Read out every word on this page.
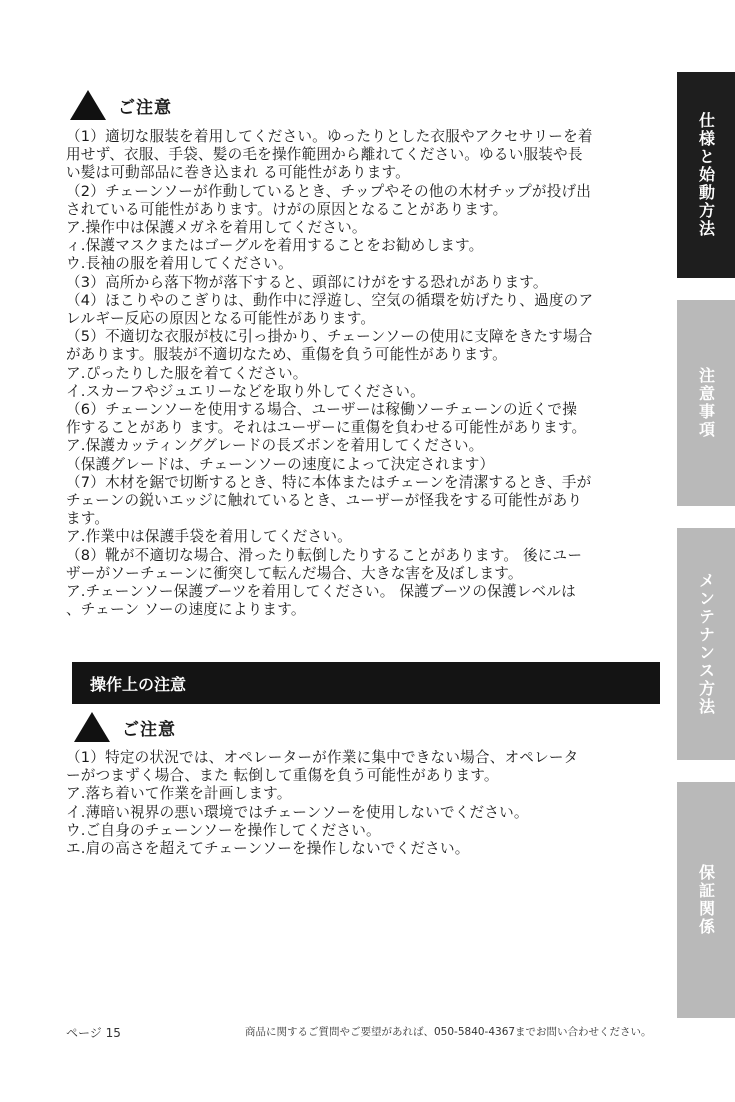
ご注意

（1）適切な服装を着用してください。ゆったりとした衣服やアクセサリーを着

用せず、衣服、手袋、髪の毛を操作範囲から離れてください。ゆるい服装や長

い髪は可動部品に巻き込まれ る可能性があります。

（2）チェーンソーが作動しているとき、チップやその他の木材チップが投げ出

されている可能性があります。けがの原因となることがあります。

ア.操作中は保護メガネを着用してください。

ィ.保護マスクまたはゴーグルを着用することをお勧めします。

ウ.長袖の服を着用してください。

（3）高所から落下物が落下すると、頭部にけがをする恐れがあります。

（4）ほこりやのこぎりは、動作中に浮遊し、空気の循環を妨げたり、過度のア

レルギー反応の原因となる可能性があります。

（5）不適切な衣服が枝に引っ掛かり、チェーンソーの使用に支障をきたす場合

があります。服装が不適切なため、重傷を負う可能性があります。

ア.ぴったりした服を着てください。

イ.スカーフやジュエリーなどを取り外してください。

（6）チェーンソーを使用する場合、ユーザーは稼働ソーチェーンの近くで操

作することがあり ます。それはユーザーに重傷を負わせる可能性があります。

ア.保護カッティンググレードの長ズボンを着用してください。

（保護グレードは、チェーンソーの速度によって決定されます）

（7）木材を鋸で切断するとき、特に本体またはチェーンを清潔するとき、手が

チェーンの鋭いエッジに触れているとき、ユーザーが怪我をする可能性があり

ます。

ア.作業中は保護手袋を着用してください。

（8）靴が不適切な場合、滑ったり転倒したりすることがあります。 後にユー

ザーがソーチェーンに衝突して転んだ場合、大きな害を及ぼします。

ア.チェーンソー保護ブーツを着用してください。 保護ブーツの保護レベルは

、チェーン ソーの速度によります。

操作上の注意
ご注意

（1）特定の状況では、オペレーターが作業に集中できない場合、オペレータ

ーがつまずく場合、また 転倒して重傷を負う可能性があります。

ア.落ち着いて作業を計画します。

イ.薄暗い視界の悪い環境ではチェーンソーを使用しないでください。

ウ.ご自身のチェーンソーを操作してください。

エ.肩の高さを超えてチェーンソーを操作しないでください。

仕様と始動方法
注意事項
メンテナンス方法
保証関係
ページ 15	商品に関するご質問やご要望があれば、050-5840-4367までお問い合わせください。
